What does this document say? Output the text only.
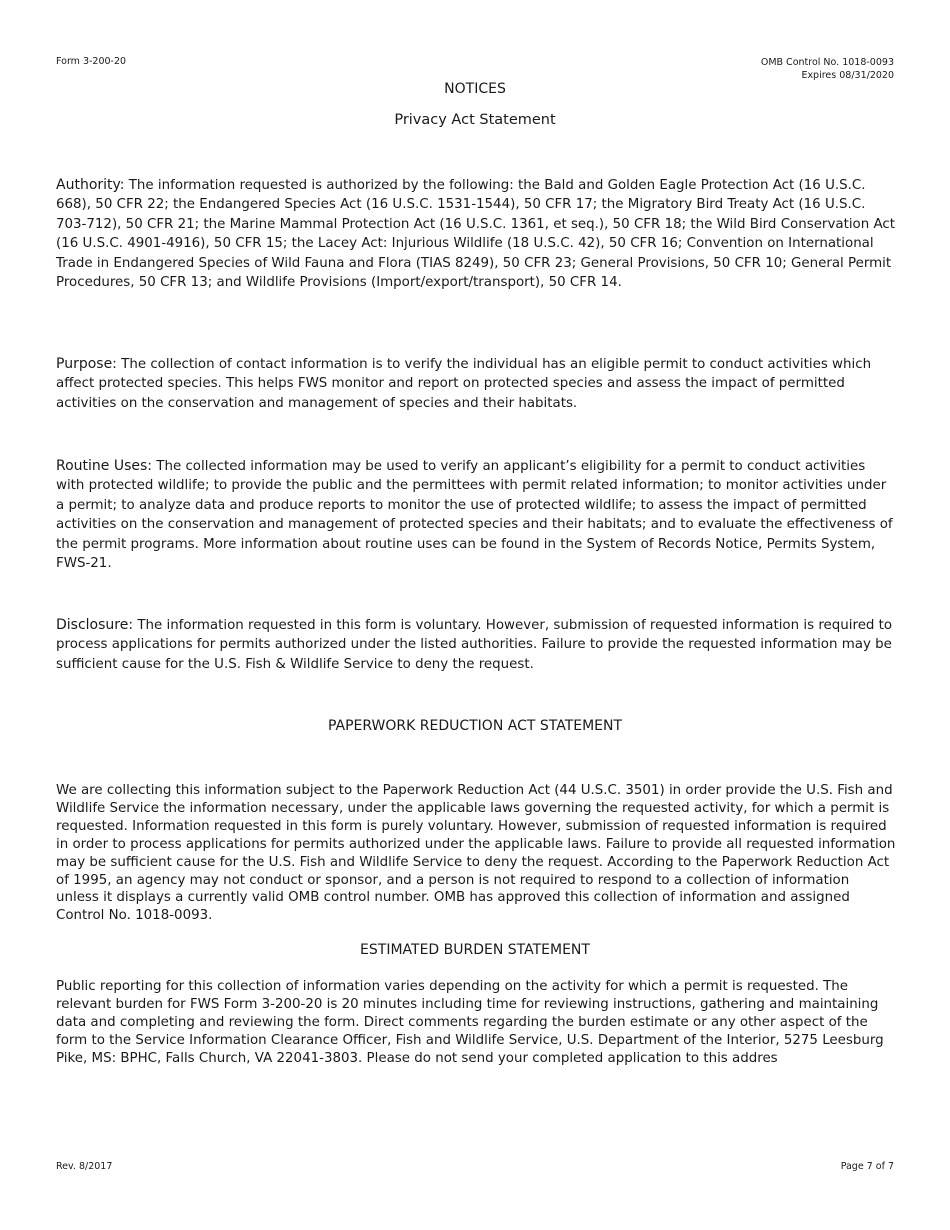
Form 3-200-20	OMB Control No. 1018-0093
Expires 08/31/2020
NOTICES
Privacy Act Statement

Authority: The information requested is authorized by the following: the Bald and Golden Eagle Protection Act (16 U.S.C. 668), 50 CFR 22; the Endangered Species Act (16 U.S.C. 1531-1544), 50 CFR 17; the Migratory Bird Treaty Act (16 U.S.C. 703-712), 50 CFR 21; the Marine Mammal Protection Act (16 U.S.C. 1361, et seq.), 50 CFR 18; the Wild Bird Conservation Act (16 U.S.C. 4901-4916), 50 CFR 15; the Lacey Act: Injurious Wildlife (18 U.S.C. 42), 50 CFR 16; Convention on International Trade in Endangered Species of Wild Fauna and Flora (TIAS 8249), 50 CFR 23; General Provisions, 50 CFR 10; General Permit Procedures, 50 CFR 13; and Wildlife Provisions (Import/export/transport), 50 CFR 14.

Purpose: The collection of contact information is to verify the individual has an eligible permit to conduct activities which affect protected species. This helps FWS monitor and report on protected species and assess the impact of permitted activities on the conservation and management of species and their habitats.

Routine Uses: The collected information may be used to verify an applicant’s eligibility for a permit to conduct activities with protected wildlife; to provide the public and the permittees with permit related information; to monitor activities under a permit; to analyze data and produce reports to monitor the use of protected wildlife; to assess the impact of permitted activities on the conservation and management of protected species and their habitats; and to evaluate the effectiveness of the permit programs. More information about routine uses can be found in the System of Records Notice, Permits System, FWS-21.

Disclosure: The information requested in this form is voluntary. However, submission of requested information is required to process applications for permits authorized under the listed authorities. Failure to provide the requested information may be sufficient cause for the U.S. Fish & Wildlife Service to deny the request.

PAPERWORK REDUCTION ACT STATEMENT

We are collecting this information subject to the Paperwork Reduction Act (44 U.S.C. 3501) in order provide the U.S. Fish and Wildlife Service the information necessary, under the applicable laws governing the requested activity, for which a permit is requested. Information requested in this form is purely voluntary. However, submission of requested information is required in order to process applications for permits authorized under the applicable laws. Failure to provide all requested information may be sufficient cause for the U.S. Fish and Wildlife Service to deny the request. According to the Paperwork Reduction Act of 1995, an agency may not conduct or sponsor, and a person is not required to respond to a collection of information unless it displays a currently valid OMB control number. OMB has approved this collection of information and assigned Control No. 1018-0093.

ESTIMATED BURDEN STATEMENT

Public reporting for this collection of information varies depending on the activity for which a permit is requested. The relevant burden for FWS Form 3-200-20 is 20 minutes including time for reviewing instructions, gathering and maintaining data and completing and reviewing the form. Direct comments regarding the burden estimate or any other aspect of the form to the Service Information Clearance Officer, Fish and Wildlife Service, U.S. Department of the Interior, 5275 Leesburg Pike, MS: BPHC, Falls Church, VA 22041-3803. Please do not send your completed application to this addres

Rev. 8/2017	Page 7 of 7
